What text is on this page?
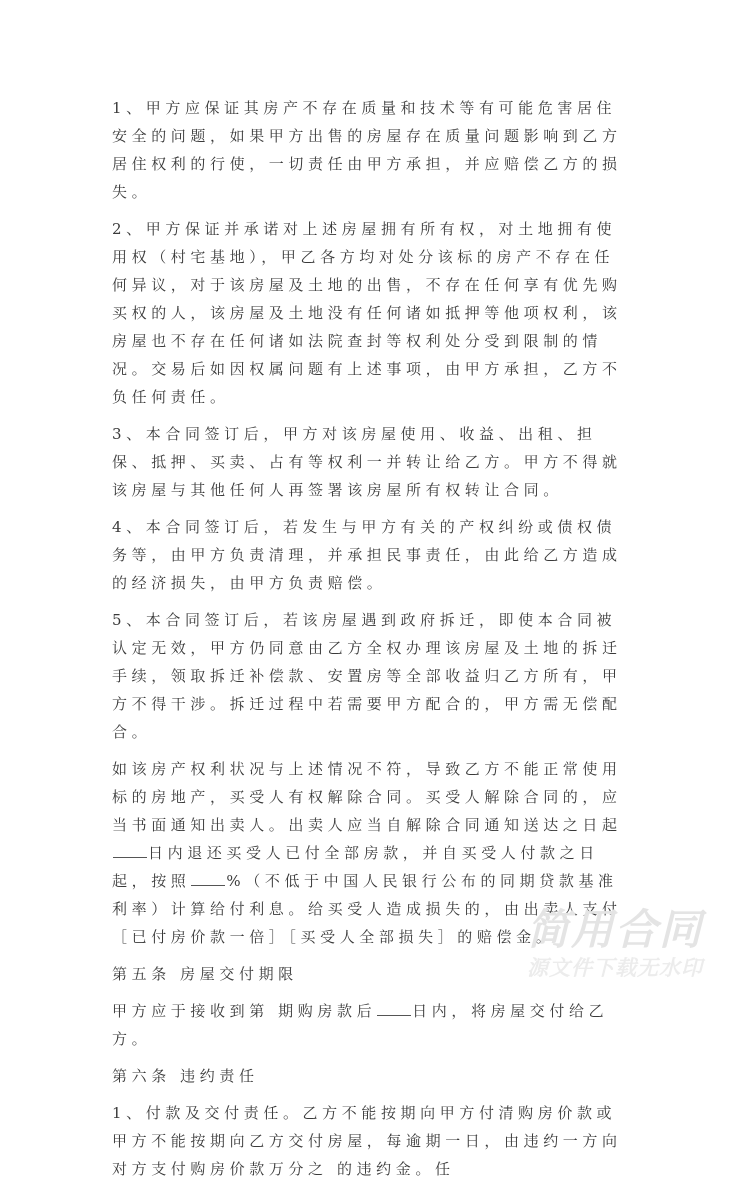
1、甲方应保证其房产不存在质量和技术等有可能危害居住安全的问题，如果甲方出售的房屋存在质量问题影响到乙方居住权利的行使，一切责任由甲方承担，并应赔偿乙方的损失。

2、甲方保证并承诺对上述房屋拥有所有权，对土地拥有使用权（村宅基地），甲乙各方均对处分该标的房产不存在任何异议，对于该房屋及土地的出售，不存在任何享有优先购买权的人，该房屋及土地没有任何诸如抵押等他项权利，该房屋也不存在任何诸如法院查封等权利处分受到限制的情况。交易后如因权属问题有上述事项，由甲方承担，乙方不负任何责任。

3、本合同签订后，甲方对该房屋使用、收益、出租、担保、抵押、买卖、占有等权利一并转让给乙方。甲方不得就该房屋与其他任何人再签署该房屋所有权转让合同。

4、本合同签订后，若发生与甲方有关的产权纠纷或债权债务等，由甲方负责清理，并承担民事责任，由此给乙方造成的经济损失，由甲方负责赔偿。

5、本合同签订后，若该房屋遇到政府拆迁，即使本合同被认定无效，甲方仍同意由乙方全权办理该房屋及土地的拆迁手续，领取拆迁补偿款、安置房等全部收益归乙方所有，甲方不得干涉。拆迁过程中若需要甲方配合的，甲方需无偿配合。

如该房产权利状况与上述情况不符，导致乙方不能正常使用标的房地产，买受人有权解除合同。买受人解除合同的，应当书面通知出卖人。出卖人应当自解除合同通知送达之日起日内退还买受人已付全部房款，并自买受人付款之日起，按照 %（不低于中国人民银行公布的同期贷款基准利率）计算给付利息。给买受人造成损失的，由出卖人支付［已付房价款一倍］［买受人全部损失］的赔偿金。

第五条 房屋交付期限

甲方应于接收到第 期购房款后 日内，将房屋交付给乙方。

第六条 违约责任

1、付款及交付责任。乙方不能按期向甲方付清购房价款或甲方不能按期向乙方交付房屋，每逾期一日，由违约一方向对方支付购房价款万分之 的违约金。任

简用合同
源文件下载无水印
